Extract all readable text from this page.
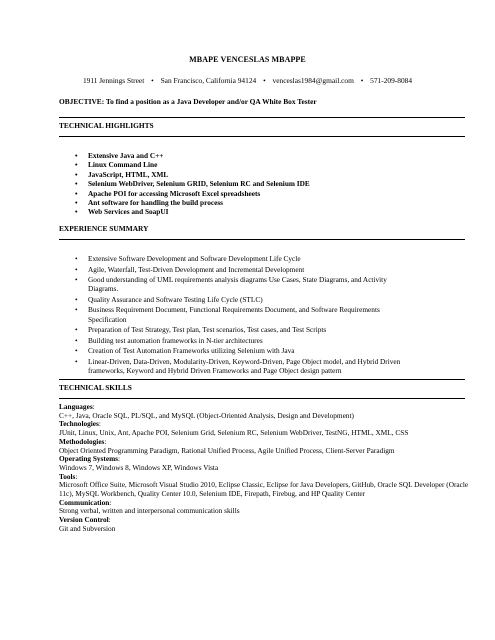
MBAPE VENCESLAS MBAPPE
1911 Jennings Street • San Francisco, California 94124 • venceslas1984@gmail.com • 571-209-8084
OBJECTIVE: To find a position as a Java Developer and/or QA White Box Tester
TECHNICAL HIGHLIGHTS
• Extensive Java and C++
• Linux Command Line
• JavaScript, HTML, XML
• Selenium WebDriver, Selenium GRID, Selenium RC and Selenium IDE
• Apache POI for accessing Microsoft Excel spreadsheets
• Ant software for handling the build process
• Web Services and SoapUI
EXPERIENCE SUMMARY
• Extensive Software Development and Software Development Life Cycle
• Agile, Waterfall, Test-Driven Development and Incremental Development
• Good understanding of UML requirements analysis diagrams Use Cases, State Diagrams, and Activity Diagrams.
• Quality Assurance and Software Testing Life Cycle (STLC)
• Business Requirement Document, Functional Requirements Document, and Software Requirements Specification
• Preparation of Test Strategy, Test plan, Test scenarios, Test cases, and Test Scripts
• Building test automation frameworks in N-tier architectures
• Creation of Test Automation Frameworks utilizing Selenium with Java
• Linear-Driven, Data-Driven, Modularity-Driven, Keyword-Driven, Page Object model, and Hybrid Driven frameworks, Keyword and Hybrid Driven Frameworks and Page Object design pattern
TECHNICAL SKILLS
Languages:
C++, Java, Oracle SQL, PL/SQL, and MySQL (Object-Oriented Analysis, Design and Development)
Technologies:
JUnit, Linux, Unix, Ant, Apache POI, Selenium Grid, Selenium RC, Selenium WebDriver, TestNG, HTML, XML, CSS
Methodologies:
Object Oriented Programming Paradigm, Rational Unified Process, Agile Unified Process, Client-Server Paradigm
Operating Systems:
Windows 7, Windows 8, Windows XP, Windows Vista
Tools:
Microsoft Office Suite, Microsoft Visual Studio 2010, Eclipse Classic, Eclipse for Java Developers, GitHub, Oracle SQL Developer (Oracle 11c), MySQL Workbench, Quality Center 10.0, Selenium IDE, Firepath, Firebug, and HP Quality Center
Communication:
Strong verbal, written and interpersonal communication skills
Version Control:
Git and Subversion
